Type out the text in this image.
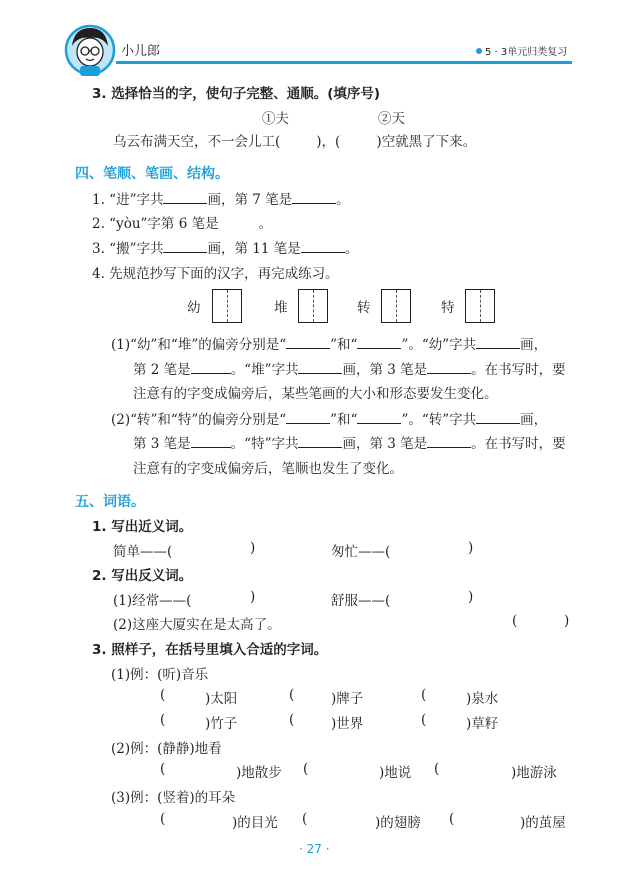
小儿郎	5 · 3单元归类复习
3. 选择恰当的字，使句子完整、通顺。(填序号)
①夫	②天
乌云布满天空，不一会儿工(	)，(	)空就黑了下来。
四、笔顺、笔画、结构。
1. “进”字共	画，第 7 笔是	。
2. “yòu”字第 6 笔是	。
3. “搬”字共	画，第 11 笔是	。
4. 先规范抄写下面的汉字，再完成练习。
幼	堆	转	特
(1)“幼”和“堆”的偏旁分别是“	”和“	”。“幼”字共	画，
第 2 笔是	。“堆”字共	画，第 3 笔是	。在书写时，要
注意有的字变成偏旁后，某些笔画的大小和形态要发生变化。
(2)“转”和“特”的偏旁分别是“	”和“	”。“转”字共	画，
第 3 笔是	。“特”字共	画，第 3 笔是	。在书写时，要
注意有的字变成偏旁后，笔顺也发生了变化。
五、词语。
1. 写出近义词。
简单——(	)	匆忙——(	)
2. 写出反义词。
(1)经常——(	)	舒服——(	)
(2)这座大厦实在是太高了。	(	)
3. 照样子，在括号里填入合适的字词。
(1)例：(听)音乐
(	)太阳	(	)牌子	(	)泉水
(	)竹子	(	)世界	(	)草籽
(2)例：(静静)地看
(	)地散步 (	)地说 (	)地游泳
(3)例：(竖着)的耳朵
(	)的目光 (	)的翅膀 (	)的茧屋
· 27 ·
